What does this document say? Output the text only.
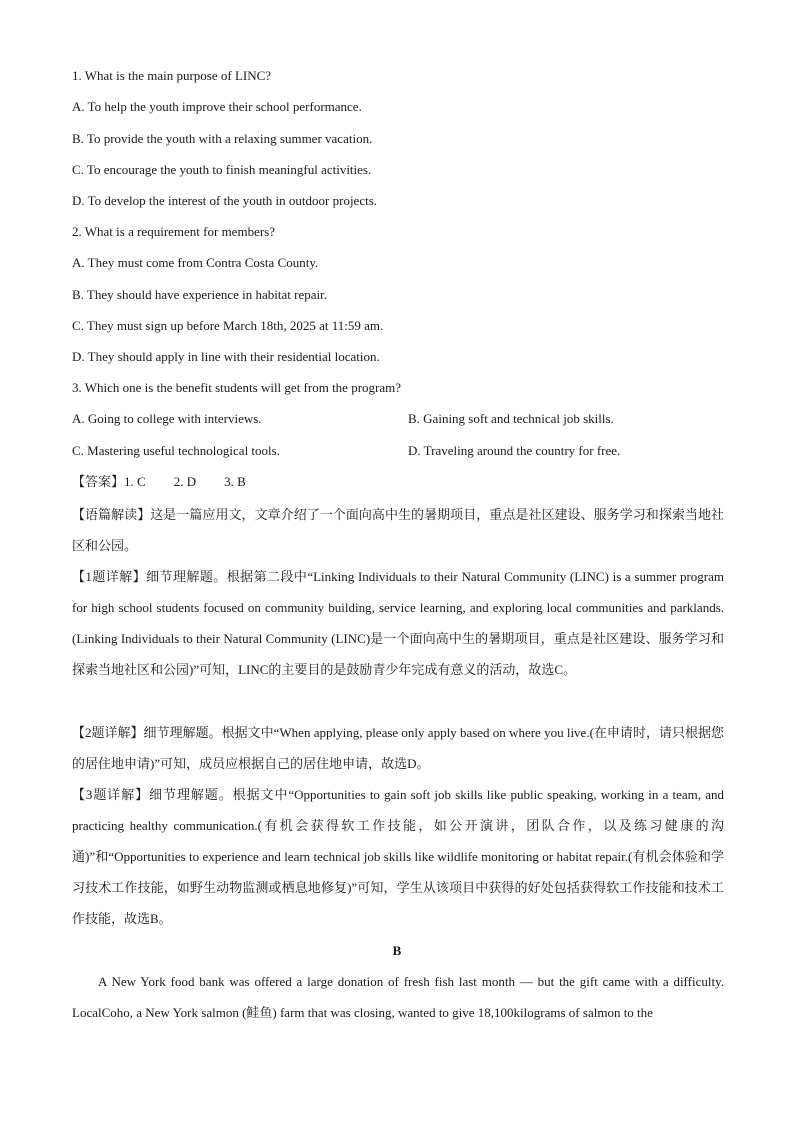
1. What is the main purpose of LINC?
A. To help the youth improve their school performance.
B. To provide the youth with a relaxing summer vacation.
C. To encourage the youth to finish meaningful activities.
D. To develop the interest of the youth in outdoor projects.
2. What is a requirement for members?
A. They must come from Contra Costa County.
B. They should have experience in habitat repair.
C. They must sign up before March 18th, 2025 at 11:59 am.
D. They should apply in line with their residential location.
3. Which one is the benefit students will get from the program?
A. Going to college with interviews.	B. Gaining soft and technical job skills.
C. Mastering useful technological tools.	D. Traveling around the country for free.
【答案】1. C 2. D 3. B
【语篇解读】这是一篇应用文，文章介绍了一个面向高中生的暑期项目，重点是社区建设、服务学习和探索当地社区和公园。
【1题详解】细节理解题。根据第二段中“Linking Individuals to their Natural Community (LINC) is a summer program for high school students focused on community building, service learning, and exploring local communities and parklands.(Linking Individuals to their Natural Community (LINC)是一个面向高中生的暑期项目，重点是社区建设、服务学习和探索当地社区和公园)”可知，LINC的主要目的是鼓励青少年完成有意义的活动，故选C。
【2题详解】细节理解题。根据文中“When applying, please only apply based on where you live.(在申请时，请只根据您的居住地申请)”可知，成员应根据自己的居住地申请，故选D。
【3题详解】细节理解题。根据文中“Opportunities to gain soft job skills like public speaking, working in a team, and practicing healthy communication.(有机会获得软工作技能，如公开演讲，团队合作，以及练习健康的沟通)”和“Opportunities to experience and learn technical job skills like wildlife monitoring or habitat repair.(有机会体验和学习技术工作技能，如野生动物监测或栖息地修复)”可知，学生从该项目中获得的好处包括获得软工作技能和技术工作技能，故选B。
B
A New York food bank was offered a large donation of fresh fish last month — but the gift came with a difficulty. LocalCoho, a New York salmon (鲑鱼) farm that was closing, wanted to give 18,100kilograms of salmon to the
